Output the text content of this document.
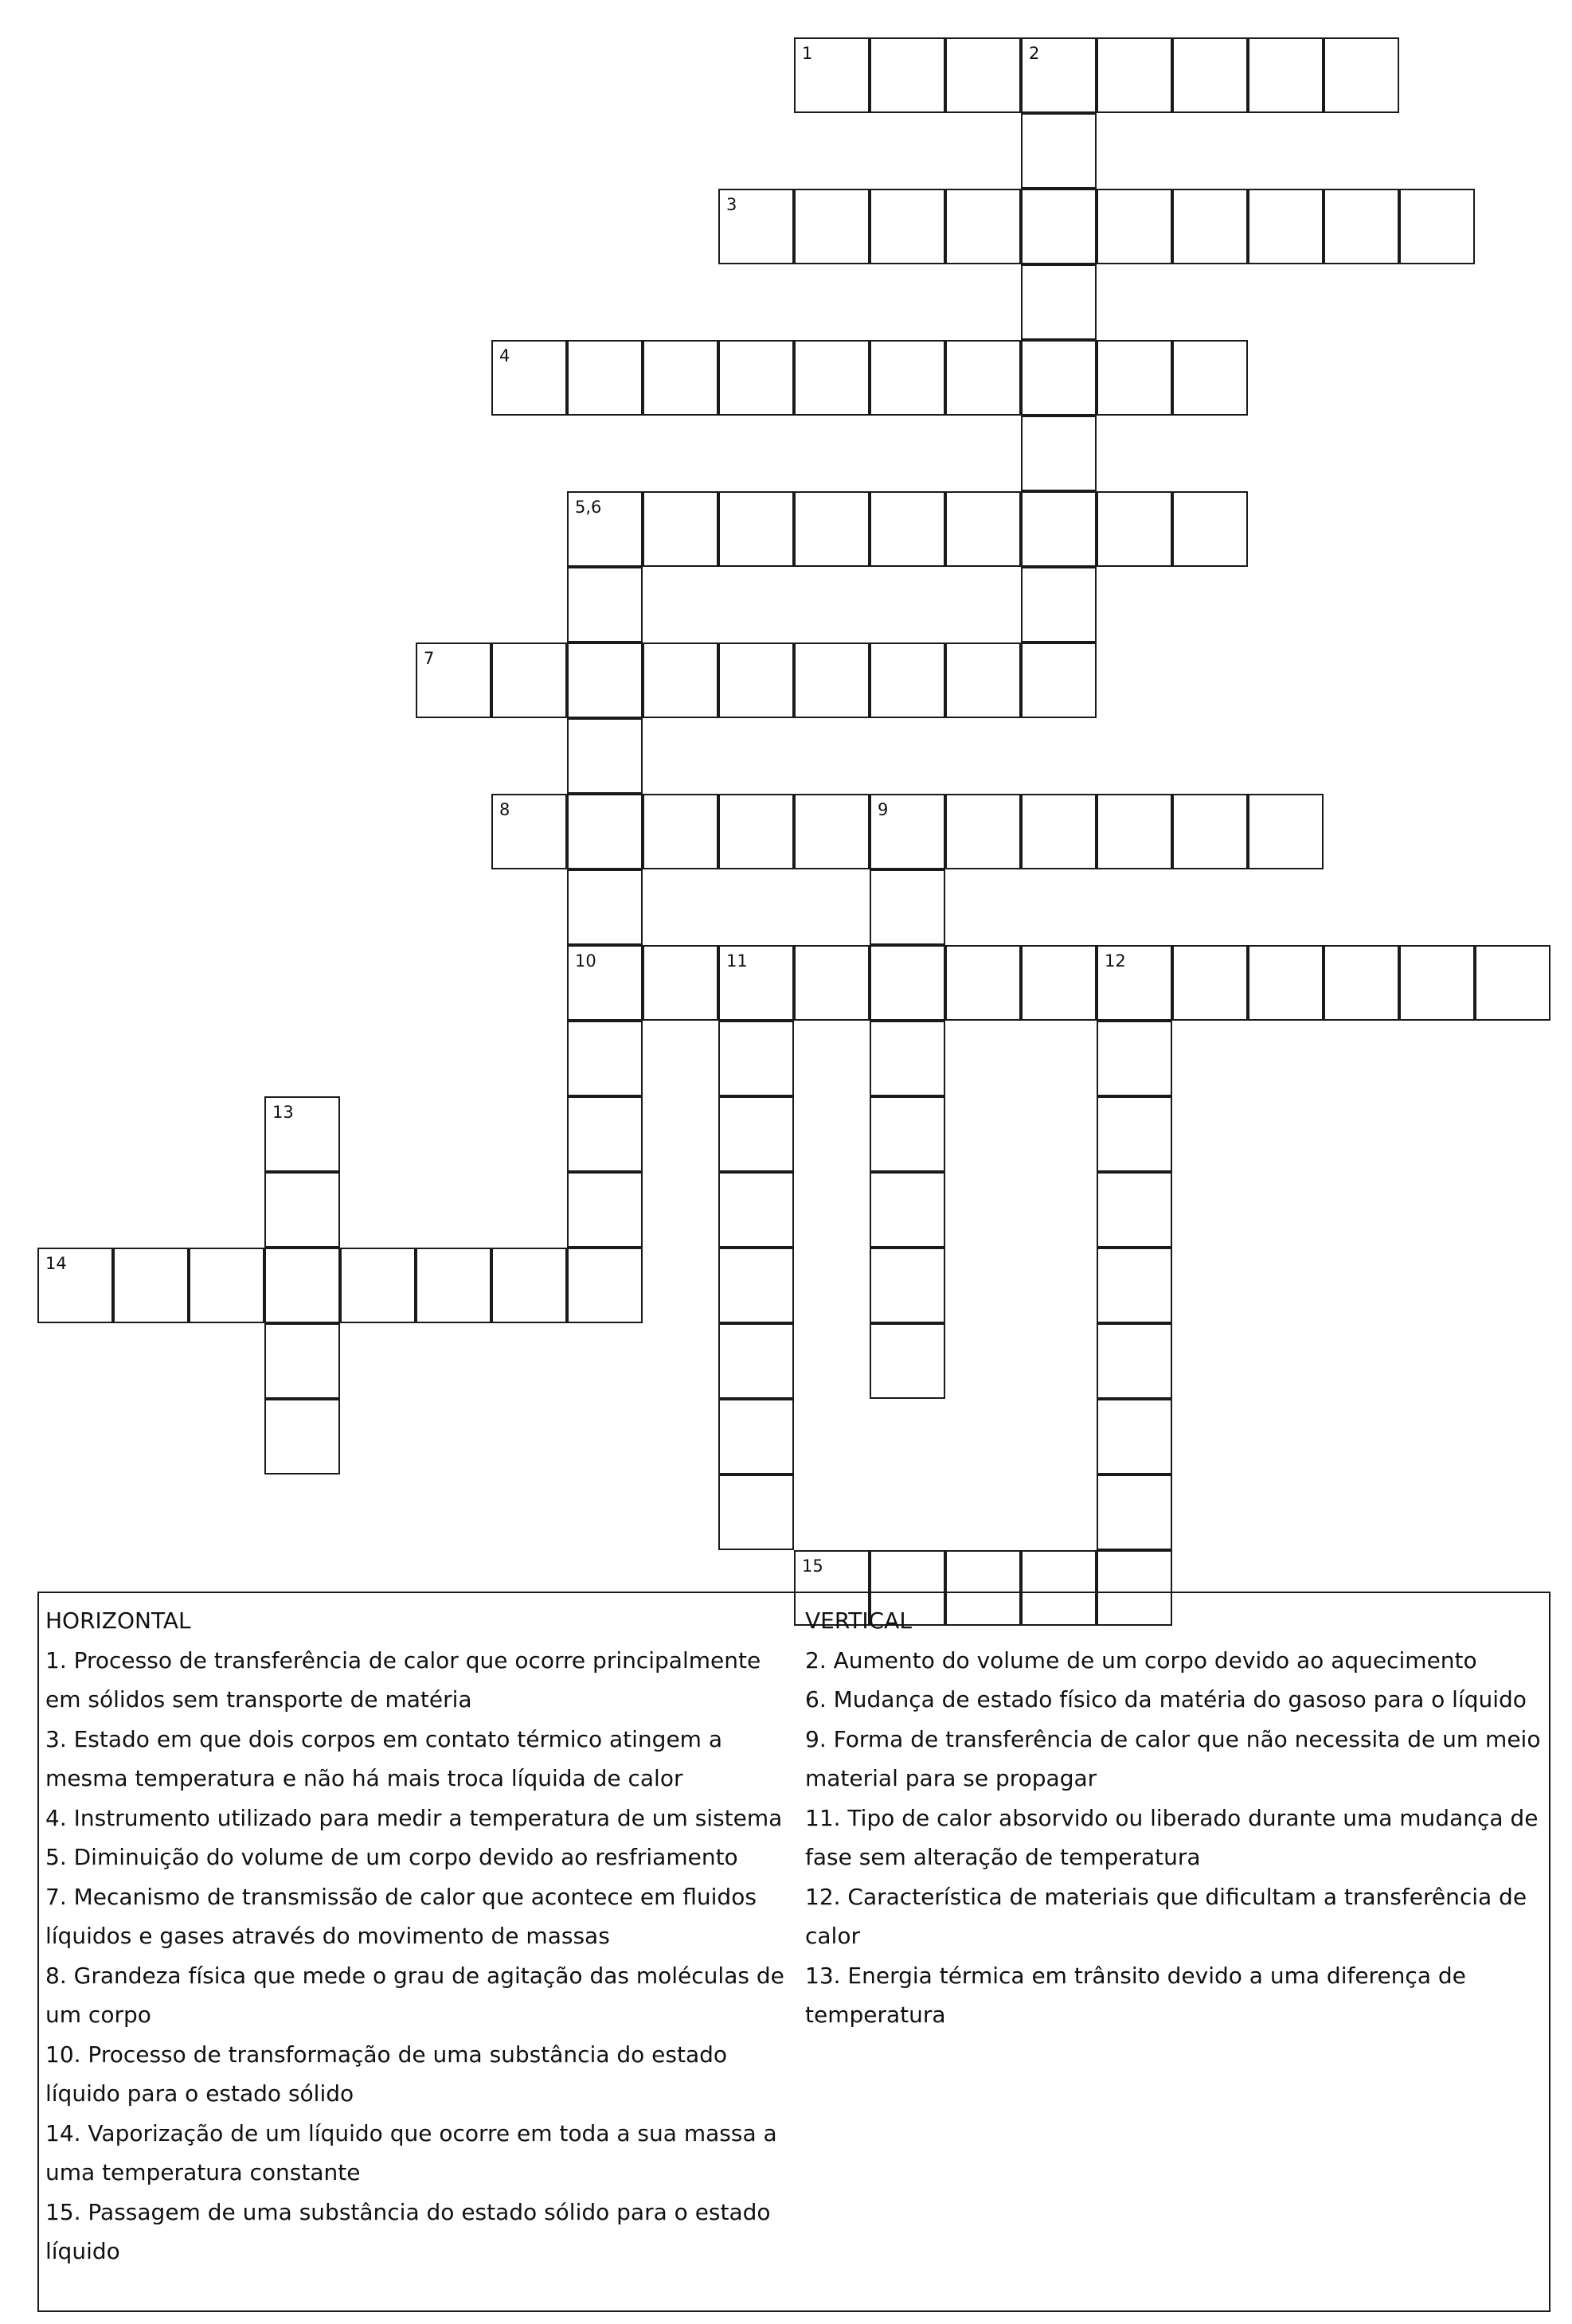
1	2
3
4
5,6
10
7
8	9
11	12
13
14
15

HORIZONTAL

1. Processo de transferência de calor que ocorre principalmente em sólidos sem transporte de matéria

3. Estado em que dois corpos em contato térmico atingem a mesma temperatura e não há mais troca líquida de calor

4. Instrumento utilizado para medir a temperatura de um sistema

5. Diminuição do volume de um corpo devido ao resfriamento

7. Mecanismo de transmissão de calor que acontece em fluidos líquidos e gases através do movimento de massas

8. Grandeza física que mede o grau de agitação das moléculas de um corpo

10. Processo de transformação de uma substância do estado líquido para o estado sólido

14. Vaporização de um líquido que ocorre em toda a sua massa a uma temperatura constante

15. Passagem de uma substância do estado sólido para o estado líquido

VERTICAL

2. Aumento do volume de um corpo devido ao aquecimento

6. Mudança de estado físico da matéria do gasoso para o líquido

9. Forma de transferência de calor que não necessita de um meio material para se propagar

11. Tipo de calor absorvido ou liberado durante uma mudança de fase sem alteração de temperatura

12. Característica de materiais que dificultam a transferência de calor

13. Energia térmica em trânsito devido a uma diferença de temperatura
